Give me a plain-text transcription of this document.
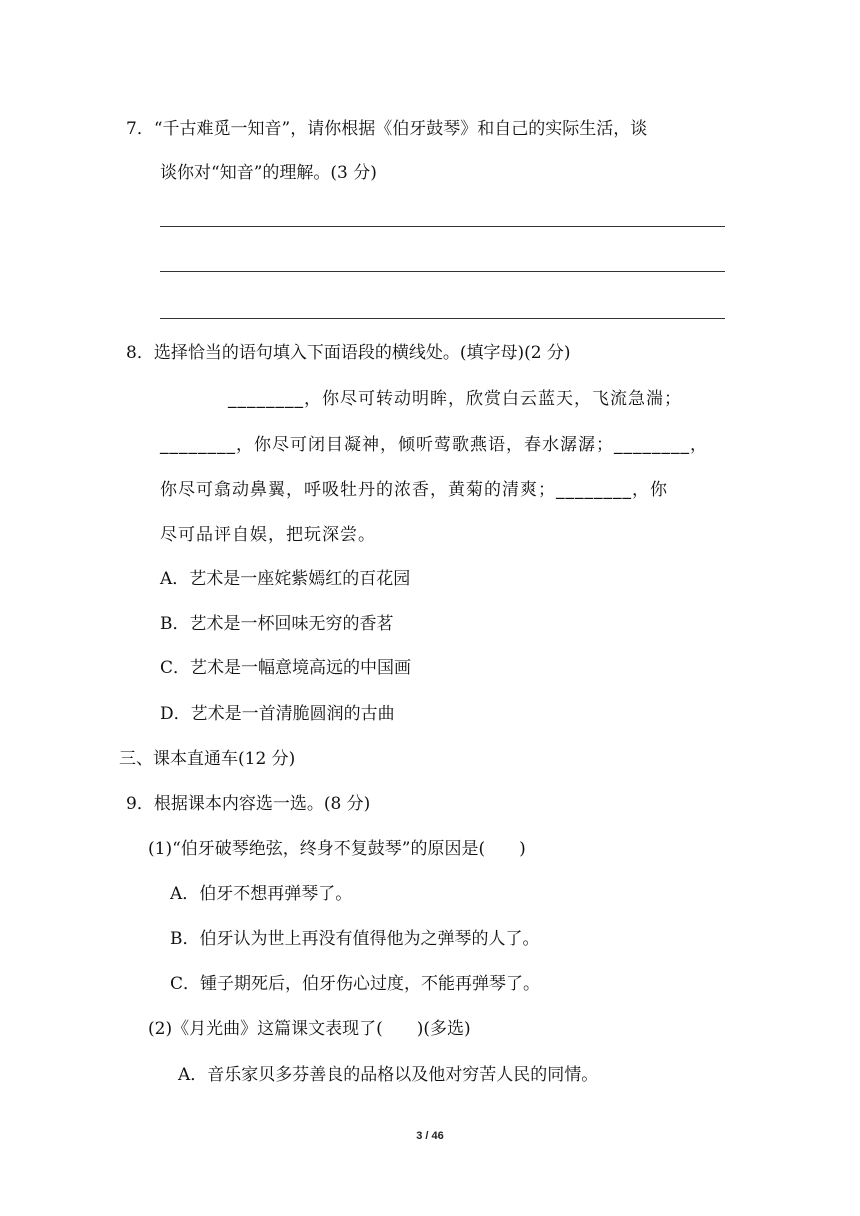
7．“千古难觅一知音”，请你根据《伯牙鼓琴》和自己的实际生活，谈
谈你对“知音”的理解。(3 分)
8．选择恰当的语句填入下面语段的横线处。(填字母)(2 分)
________，你尽可转动明眸，欣赏白云蓝天，飞流急湍；
________，你尽可闭目凝神，倾听莺歌燕语，春水潺潺；________，
你尽可翕动鼻翼，呼吸牡丹的浓香，黄菊的清爽；________，你
尽可品评自娱，把玩深尝。
A．艺术是一座姹紫嫣红的百花园
B．艺术是一杯回味无穷的香茗
C．艺术是一幅意境高远的中国画
D．艺术是一首清脆圆润的古曲
三、课本直通车(12 分)
9．根据课本内容选一选。(8 分)
(1)“伯牙破琴绝弦，终身不复鼓琴”的原因是(　　)
A．伯牙不想再弹琴了。
B．伯牙认为世上再没有值得他为之弹琴的人了。
C．锺子期死后，伯牙伤心过度，不能再弹琴了。
(2)《月光曲》这篇课文表现了(　　)(多选)
A．音乐家贝多芬善良的品格以及他对穷苦人民的同情。
3 / 46
